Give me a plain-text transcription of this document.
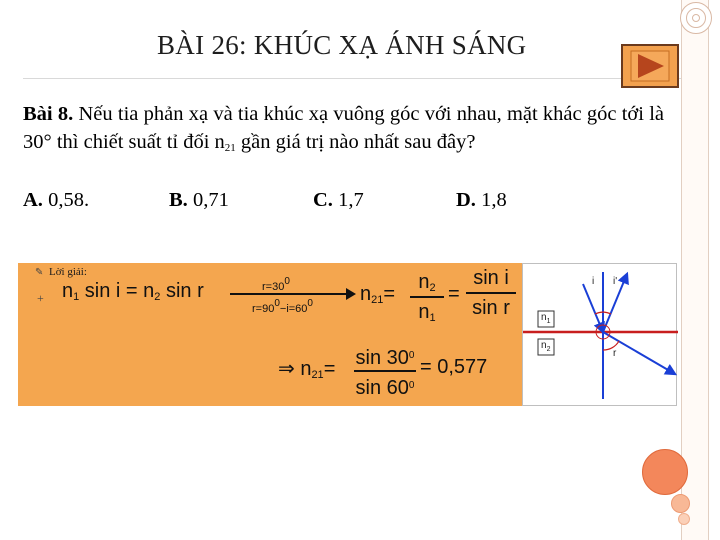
BÀI 26: KHÚC XẠ ÁNH SÁNG
Bài 8. Nếu tia phản xạ và tia khúc xạ vuông góc với nhau, mặt khác góc tới là 30° thì chiết suất tỉ đối $n_{21}$ gần giá trị nào nhất sau đây?
A. 0,58.	B. 0,71	C. 1,7	D. 1,8
✎
+
Lời giải:
$n_1$ $\sin i = n_2$ sin r	$r=30^0$
$r=90^0-i=60^0$ $n_{21}=$
$n_2$
$n_1$
=
sin i
sin r
⇒ $n_{21}= \sin 30^0$
$\sin 60^0$
= 0,577
i i'
r
$n_1$
$n_2$
